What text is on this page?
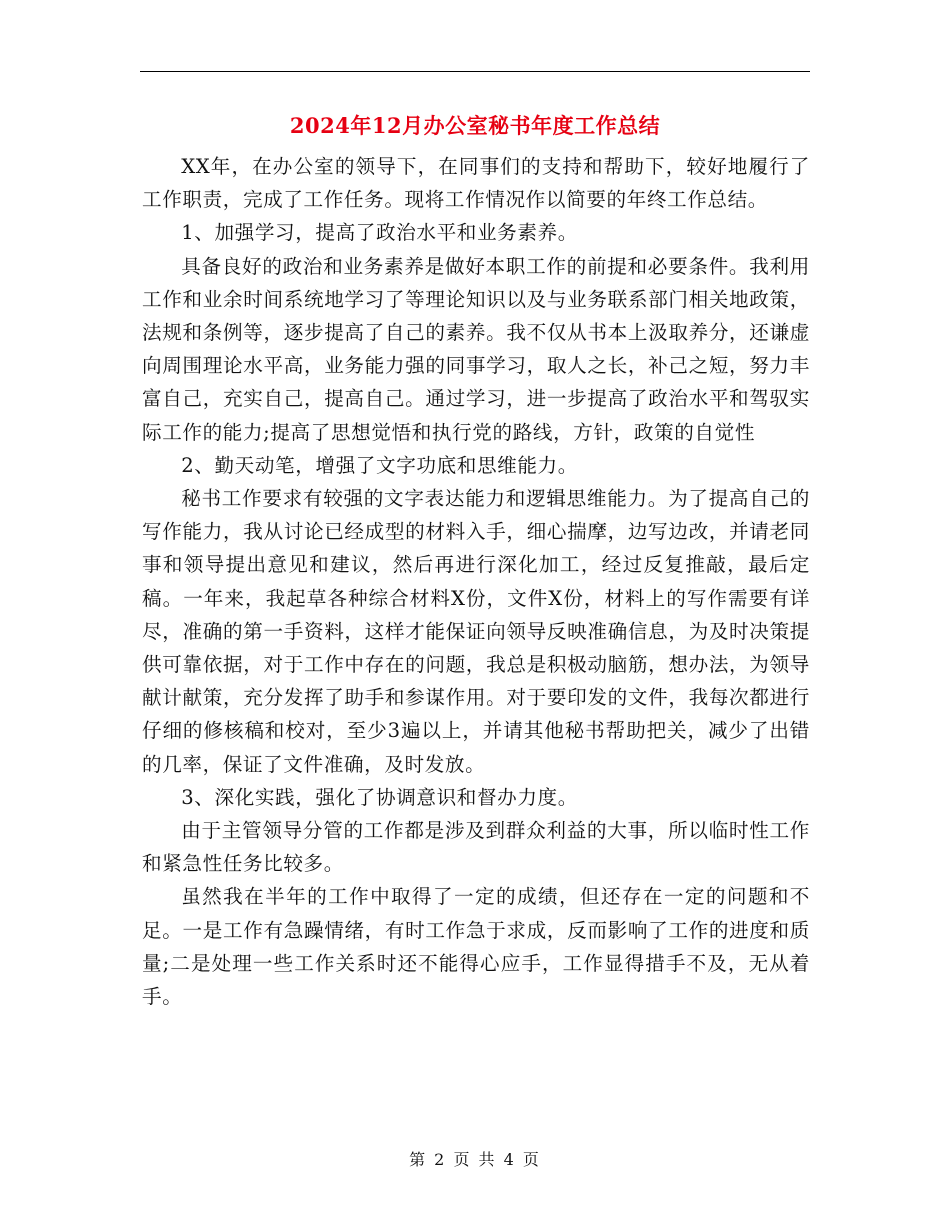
2024年12月办公室秘书年度工作总结

XX年，在办公室的领导下，在同事们的支持和帮助下，较好地履行了工作职责，完成了工作任务。现将工作情况作以简要的年终工作总结。

1、加强学习，提高了政治水平和业务素养。

具备良好的政治和业务素养是做好本职工作的前提和必要条件。我利用工作和业余时间系统地学习了等理论知识以及与业务联系部门相关地政策，法规和条例等，逐步提高了自己的素养。我不仅从书本上汲取养分，还谦虚向周围理论水平高，业务能力强的同事学习，取人之长，补己之短，努力丰富自己，充实自己，提高自己。通过学习，进一步提高了政治水平和驾驭实际工作的能力;提高了思想觉悟和执行党的路线，方针，政策的自觉性

2、勤天动笔，增强了文字功底和思维能力。

秘书工作要求有较强的文字表达能力和逻辑思维能力。为了提高自己的写作能力，我从讨论已经成型的材料入手，细心揣摩，边写边改，并请老同事和领导提出意见和建议，然后再进行深化加工，经过反复推敲，最后定稿。一年来，我起草各种综合材料X份，文件X份，材料上的写作需要有详尽，准确的第一手资料，这样才能保证向领导反映准确信息，为及时决策提供可靠依据，对于工作中存在的问题，我总是积极动脑筋，想办法，为领导献计献策，充分发挥了助手和参谋作用。对于要印发的文件，我每次都进行仔细的修核稿和校对，至少3遍以上，并请其他秘书帮助把关，减少了出错的几率，保证了文件准确，及时发放。

3、深化实践，强化了协调意识和督办力度。

由于主管领导分管的工作都是涉及到群众利益的大事，所以临时性工作和紧急性任务比较多。

虽然我在半年的工作中取得了一定的成绩，但还存在一定的问题和不足。一是工作有急躁情绪，有时工作急于求成，反而影响了工作的进度和质量;二是处理一些工作关系时还不能得心应手，工作显得措手不及，无从着手。

第 2 页 共 4 页
